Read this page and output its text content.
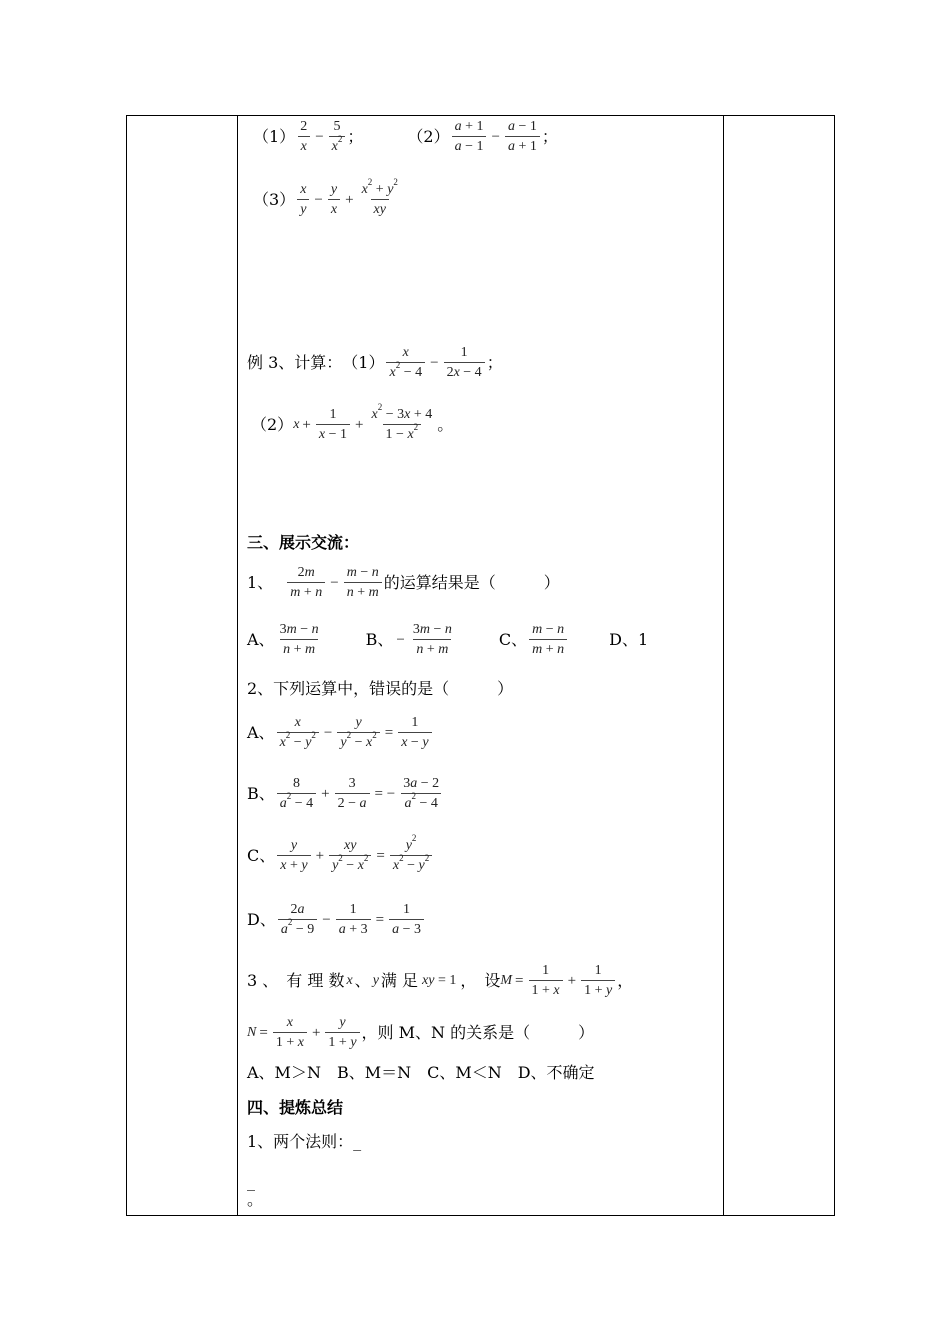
$(1) \frac{2}{x} - \frac{5}{x^2}$ ；	$(2) \frac{a + 1}{a - 1} - \frac{a - 1}{a + 1}$ ；
$(3) \frac{x}{y} - \frac{y}{x} + \frac{x^2 + y^2}{xy}$
例 3、计算： $(1) \frac{x}{x^2 - 4} - \frac{1}{2x - 4}$ ；
（2） $x + \frac{1}{x - 1} + \frac{x^2 - 3x + 4}{1 - x^2}$ 。
三、展示交流：
1、 $\frac{2m}{m + n} - \frac{m - n}{n + m}$ 的运算结果是（　　　）
A、 $\frac{3m - n}{n + m}$	B、 − $\frac{3m - n}{n + m}$	C、 $\frac{m - n}{m + n}$	D、1
2、下列运算中，错误的是（　　　）
A、 $\frac{x}{x^2 - y^2} - \frac{y}{y^2 - x^2} = \frac{1}{x - y}$
B、 $\frac{8}{a^2 - 4} + \frac{3}{2 - a}$ = − $\frac{3a - 2}{a^2 - 4}$
C、 $\frac{y}{x + y} + \frac{xy}{y^2 - x^2} = \frac{y^2}{x^2 - y^2}$
D、 $\frac{2a}{a^2 - 9} - \frac{1}{a + 3} = \frac{1}{a - 3}$
3 、　有 理 数 x 、 y 满 足 xy = 1 ，　设 $M = \frac{1}{1 + x} + \frac{1}{1 + y}$ ，
$N = \frac{x}{1 + x} + \frac{y}{1 + y}$ ，则 M、N 的关系是（　　　）
A、M＞N　B、M＝N　C、M＜N　D、不确定
四、提炼总结
1、两个法则：_
_
。
